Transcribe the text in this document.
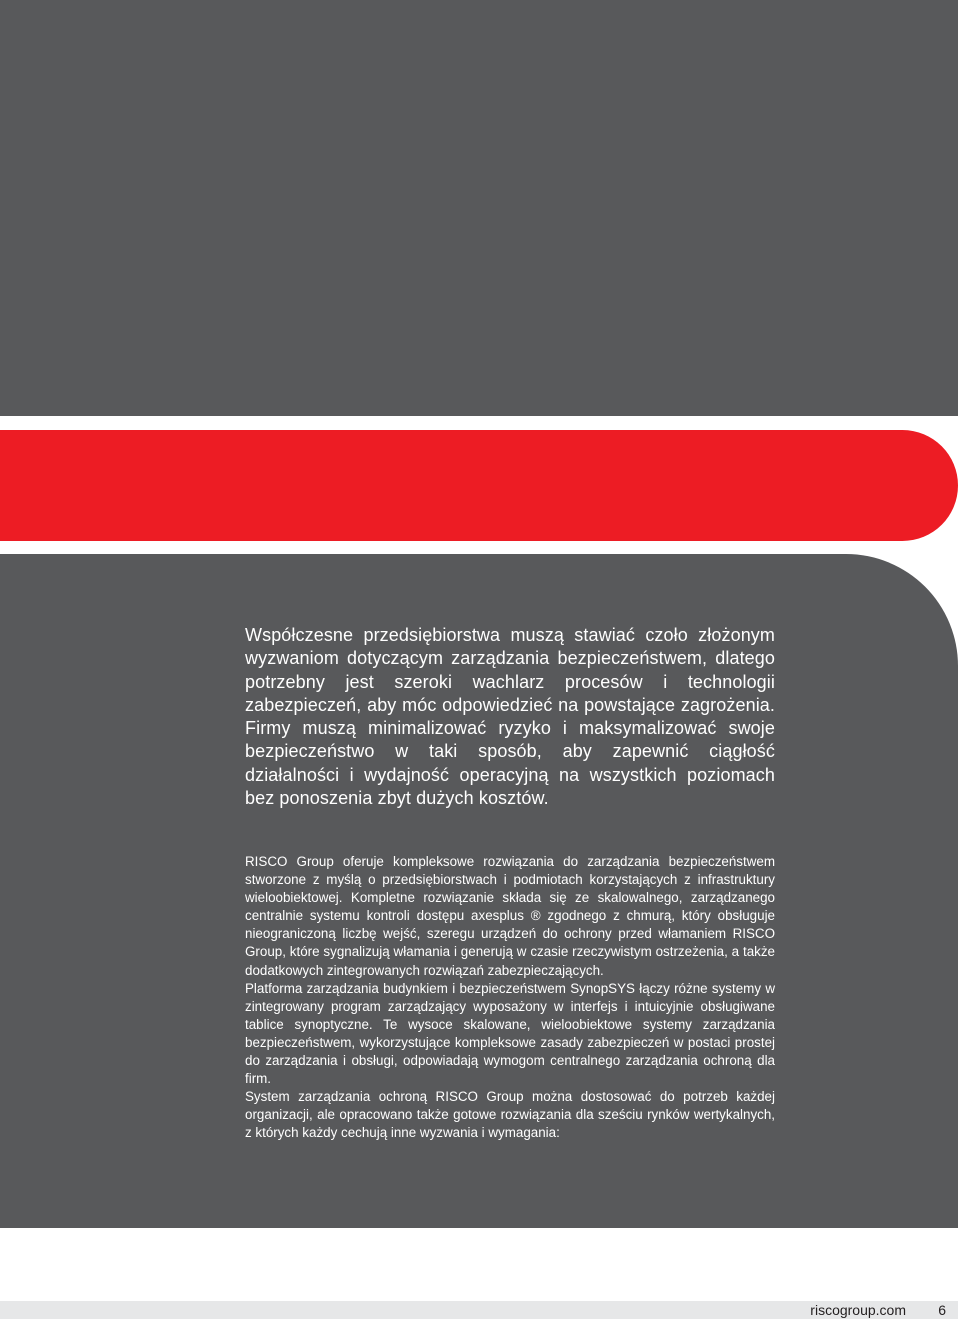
Współczesne przedsiębiorstwa muszą stawiać czoło złożonym wyzwaniom dotyczącym zarządzania bezpieczeństwem, dlatego potrzebny jest szeroki wachlarz procesów i technologii zabezpieczeń, aby móc odpowiedzieć na powstające zagrożenia. Firmy muszą minimalizować ryzyko i maksymalizować swoje bezpieczeństwo w taki sposób, aby zapewnić ciągłość działalności i wydajność operacyjną na wszystkich poziomach bez ponoszenia zbyt dużych kosztów.

RISCO Group oferuje kompleksowe rozwiązania do zarządzania bezpieczeństwem stworzone z myślą o przedsiębiorstwach i podmiotach korzystających z infrastruktury wieloobiektowej. Kompletne rozwiązanie składa się ze skalowalnego, zarządzanego centralnie systemu kontroli dostępu axesplus ® zgodnego z chmurą, który obsługuje nieograniczoną liczbę wejść, szeregu urządzeń do ochrony przed włamaniem RISCO Group, które sygnalizują włamania i generują w czasie rzeczywistym ostrzeżenia, a także dodatkowych zintegrowanych rozwiązań zabezpieczających.

Platforma zarządzania budynkiem i bezpieczeństwem SynopSYS łączy różne systemy w zintegrowany program zarządzający wyposażony w interfejs i intuicyjnie obsługiwane tablice synoptyczne. Te wysoce skalowane, wieloobiektowe systemy zarządzania bezpieczeństwem, wykorzystujące kompleksowe zasady zabezpieczeń w postaci prostej do zarządzania i obsługi, odpowiadają wymogom centralnego zarządzania ochroną dla firm.

System zarządzania ochroną RISCO Group można dostosować do potrzeb każdej organizacji, ale opracowano także gotowe rozwiązania dla sześciu rynków wertykalnych, z których każdy cechują inne wyzwania i wymagania:

riscogroup.com 6
